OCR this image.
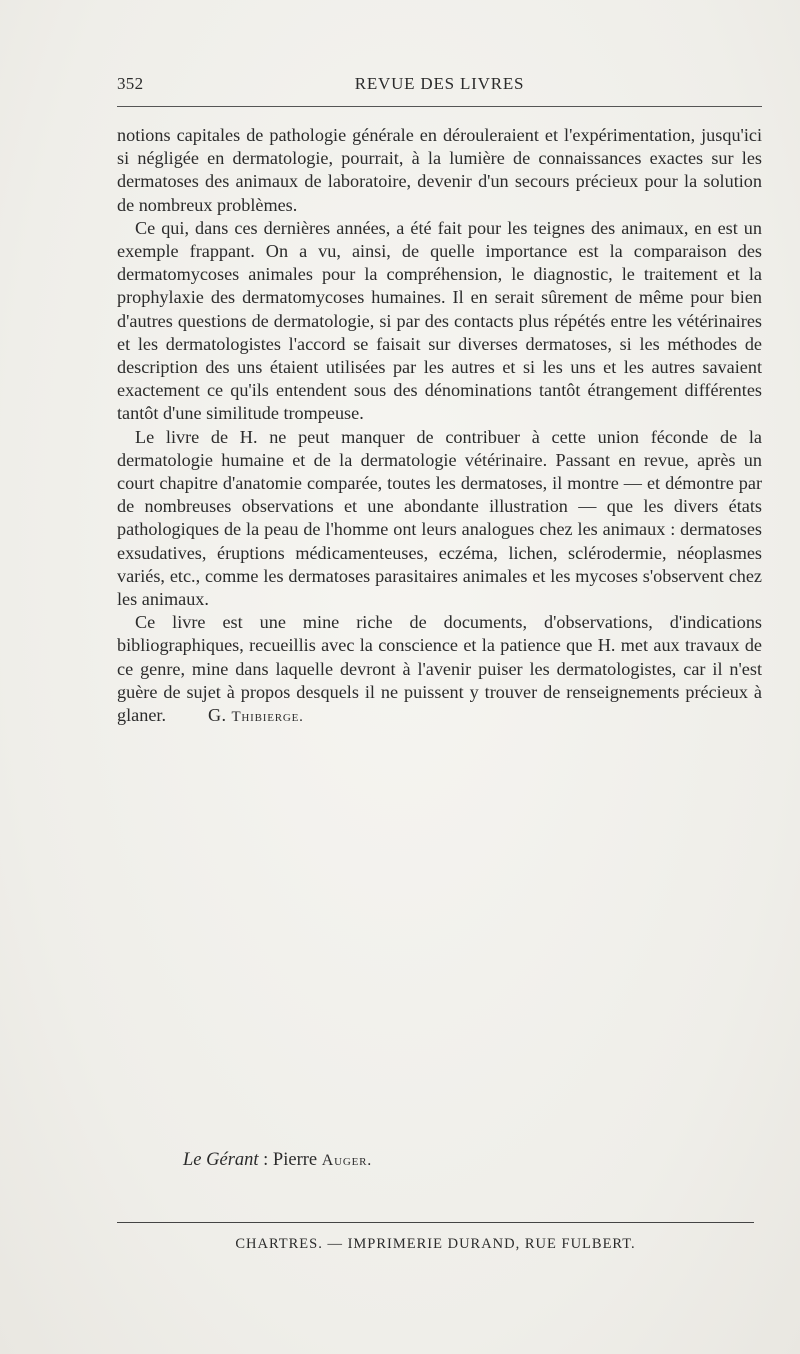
352	REVUE DES LIVRES

notions capitales de pathologie générale en dérouleraient et l'expérimentation, jusqu'ici si négligée en dermatologie, pourrait, à la lumière de connaissances exactes sur les dermatoses des animaux de laboratoire, devenir d'un secours précieux pour la solution de nombreux problèmes.

Ce qui, dans ces dernières années, a été fait pour les teignes des animaux, en est un exemple frappant. On a vu, ainsi, de quelle importance est la comparaison des dermatomycoses animales pour la compréhension, le diagnostic, le traitement et la prophylaxie des dermatomycoses humaines. Il en serait sûrement de même pour bien d'autres questions de dermatologie, si par des contacts plus répétés entre les vétérinaires et les dermatologistes l'accord se faisait sur diverses dermatoses, si les méthodes de description des uns étaient utilisées par les autres et si les uns et les autres savaient exactement ce qu'ils entendent sous des dénominations tantôt étrangement différentes tantôt d'une similitude trompeuse.

Le livre de H. ne peut manquer de contribuer à cette union féconde de la dermatologie humaine et de la dermatologie vétérinaire. Passant en revue, après un court chapitre d'anatomie comparée, toutes les dermatoses, il montre — et démontre par de nombreuses observations et une abondante illustration — que les divers états pathologiques de la peau de l'homme ont leurs analogues chez les animaux : dermatoses exsudatives, éruptions médicamenteuses, eczéma, lichen, sclérodermie, néoplasmes variés, etc., comme les dermatoses parasitaires animales et les mycoses s'observent chez les animaux.

Ce livre est une mine riche de documents, d'observations, d'indications bibliographiques, recueillis avec la conscience et la patience que H. met aux travaux de ce genre, mine dans laquelle devront à l'avenir puiser les dermatologistes, car il n'est guère de sujet à propos desquels il ne puissent y trouver de renseignements précieux à glaner. G. Thibierge.

Le Gérant : Pierre Auger.
CHARTRES. — IMPRIMERIE DURAND, RUE FULBERT.
